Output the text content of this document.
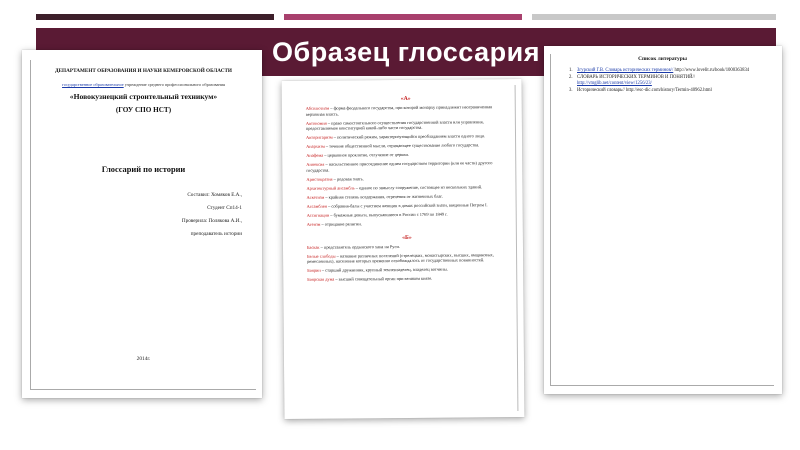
ДЕПАРТАМЕНТ ОБРАЗОВАНИЯ И НАУКИ КЕМЕРОВСКОЙ ОБЛАСТИ
государственное образовательное учреждение среднего профессионального образования
«Новокузнецкий строительный техникум»
(ГОУ СПО НСТ)
Глоссарий по истории
Составил: Хомяков Е.А.,
Студент Сп14-1
Проверила: Полякова А.И.,
преподаватель истории
2014г.
«А»
Абсолютизм – форма феодального государства, при которой монарху принадлежит неограниченная верховная власть.
Автономия – право самостоятельного осуществления государственной власти или управления, предоставляемое конституцией какой-либо части государства.
Авторитаризм – политический режим, характеризующийся преобладанием власти одного лица.
Анархизм – течение общественной мысли, отрицающее существование любого государства.
Анафема – церковное проклятие, отлучение от церкви.
Аннексия – насильственное присоединение одним государством территории (или ее части) другого государства.
Аристократия – родовая знать.
Архитектурный ансамбль – единое по замыслу сооружение, состоящее из нескольких зданий.
Аскетизм – крайняя степень воздержания, отречения от жизненных благ.
Ассамблеи – собрания-балы с участием женщин в домах российской знати, введенные Петром I.
Ассигнации – бумажные деньги, выпускавшиеся в России с 1769 по 1849 г.
Атеизм – отрицание религии.
«Б»
Баскак – представитель ордынского хана на Руси.
Белые слободы – название различных поселений (стрелецких, монастырских, высших, ямщиковых, ремесленных), население которых временно освобождалось от государственных повинностей.
Боярин – старший дружинник, крупный землевладелец, владелец вотчины.
Боярская дума – высший совещательный орган при великом князе.
Список литературы
1. Згурский Г.В. Словарь исторических терминов// http://www.lovelit.ru/book/1000363834
2. СЛОВАРЬ ИСТОРИЧЕСКИХ ТЕРМИНОВ И ПОНЯТИЙ//
http://vmglib.net/content/view/1256/23/
3. Исторический словарь// http://esc-dic.com/history/Termin-40962.html
Образец глоссария
